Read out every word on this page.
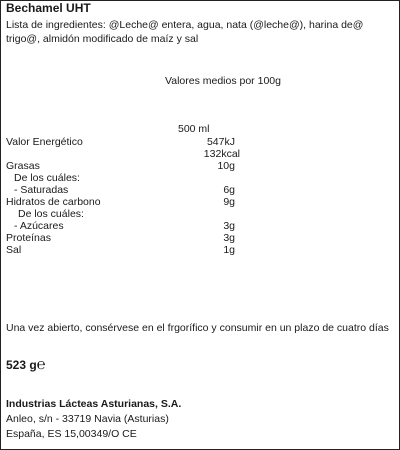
Bechamel UHT
Lista de ingredientes: @Leche@ entera, agua, nata (@leche@), harina de@ trigo@, almidón modificado de maíz y sal
Valores medios por 100g
500 ml
Valor Energético	547kJ
132kcal
Grasas	10g
De los cuáles:
- Saturadas	6g
Hidratos de carbono	9g
De los cuáles:
- Azúcares	3g
Proteínas	3g
Sal	1g
Una vez abierto, consérvese en el frgorífico y consumir en un plazo de cuatro días
523 g℮
Industrias Lácteas Asturianas, S.A.
Anleo, s/n - 33719 Navia (Asturias)
España, ES 15,00349/O CE
